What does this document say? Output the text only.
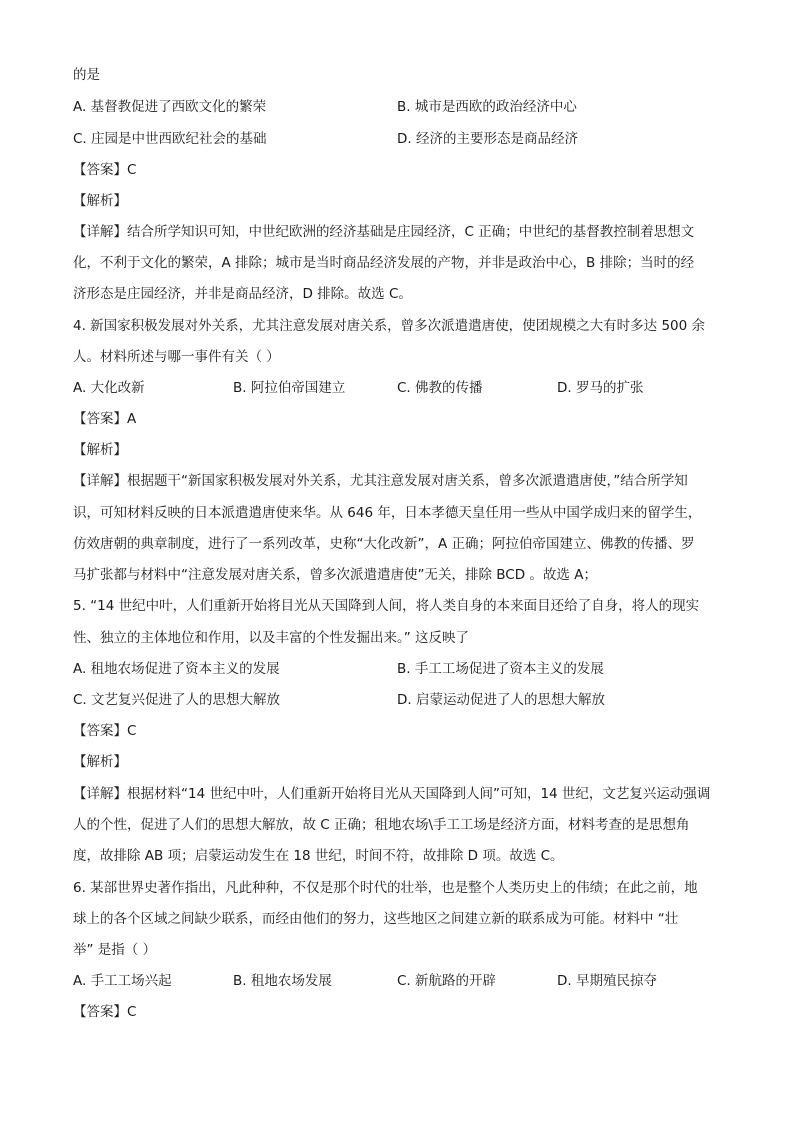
的是
A. 基督教促进了西欧文化的繁荣	B. 城市是西欧的政治经济中心
C. 庄园是中世西欧纪社会的基础	D. 经济的主要形态是商品经济
【答案】C
【解析】
【详解】结合所学知识可知，中世纪欧洲的经济基础是庄园经济，C 正确；中世纪的基督教控制着思想文
化，不利于文化的繁荣，A 排除；城市是当时商品经济发展的产物，并非是政治中心，B 排除；当时的经
济形态是庄园经济，并非是商品经济，D 排除。故选 C。
4. 新国家积极发展对外关系，尤其注意发展对唐关系，曾多次派遣遣唐使，使团规模之大有时多达 500 余
人。材料所述与哪一事件有关（ ）
A. 大化改新	B. 阿拉伯帝国建立	C. 佛教的传播	D. 罗马的扩张
【答案】A
【解析】
【详解】根据题干“新国家积极发展对外关系，尤其注意发展对唐关系，曾多次派遣遣唐使，”结合所学知
识，可知材料反映的日本派遣遣唐使来华。从 646 年，日本孝德天皇任用一些从中国学成归来的留学生，
仿效唐朝的典章制度，进行了一系列改革，史称“大化改新”，A 正确；阿拉伯帝国建立、佛教的传播、罗
马扩张都与材料中“注意发展对唐关系，曾多次派遣遣唐使”无关，排除 BCD 。故选 A；
5. “14 世纪中叶，人们重新开始将目光从天国降到人间，将人类自身的本来面目还给了自身，将人的现实
性、独立的主体地位和作用，以及丰富的个性发掘出来。” 这反映了
A. 租地农场促进了资本主义的发展	B. 手工工场促进了资本主义的发展
C. 文艺复兴促进了人的思想大解放	D. 启蒙运动促进了人的思想大解放
【答案】C
【解析】
【详解】根据材料“14 世纪中叶，人们重新开始将目光从天国降到人间”可知，14 世纪，文艺复兴运动强调
人的个性，促进了人们的思想大解放，故 C 正确；租地农场\手工工场是经济方面，材料考查的是思想角
度，故排除 AB 项；启蒙运动发生在 18 世纪，时间不符，故排除 D 项。故选 C。
6. 某部世界史著作指出，凡此种种，不仅是那个时代的壮举，也是整个人类历史上的伟绩；在此之前，地
球上的各个区域之间缺少联系，而经由他们的努力，这些地区之间建立新的联系成为可能。材料中 “壮
举” 是指（ ）
A. 手工工场兴起	B. 租地农场发展	C. 新航路的开辟	D. 早期殖民掠夺
【答案】C
